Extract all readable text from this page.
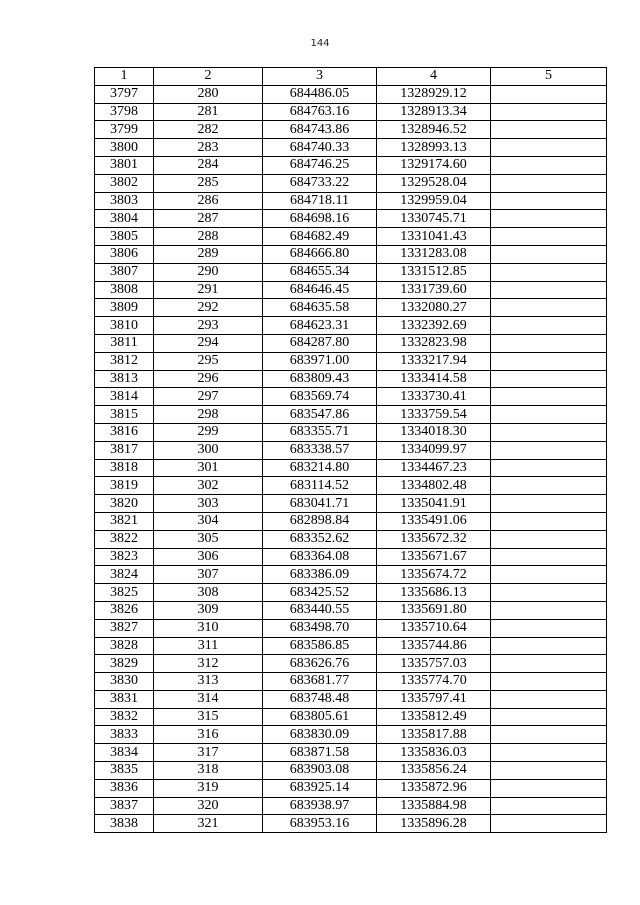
144
1	2	3	4	5
3797	280	684486.05	1328929.12	
3798	281	684763.16	1328913.34	
3799	282	684743.86	1328946.52	
3800	283	684740.33	1328993.13	
3801	284	684746.25	1329174.60	
3802	285	684733.22	1329528.04	
3803	286	684718.11	1329959.04	
3804	287	684698.16	1330745.71	
3805	288	684682.49	1331041.43	
3806	289	684666.80	1331283.08	
3807	290	684655.34	1331512.85	
3808	291	684646.45	1331739.60	
3809	292	684635.58	1332080.27	
3810	293	684623.31	1332392.69	
3811	294	684287.80	1332823.98	
3812	295	683971.00	1333217.94	
3813	296	683809.43	1333414.58	
3814	297	683569.74	1333730.41	
3815	298	683547.86	1333759.54	
3816	299	683355.71	1334018.30	
3817	300	683338.57	1334099.97	
3818	301	683214.80	1334467.23	
3819	302	683114.52	1334802.48	
3820	303	683041.71	1335041.91	
3821	304	682898.84	1335491.06	
3822	305	683352.62	1335672.32	
3823	306	683364.08	1335671.67	
3824	307	683386.09	1335674.72	
3825	308	683425.52	1335686.13	
3826	309	683440.55	1335691.80	
3827	310	683498.70	1335710.64	
3828	311	683586.85	1335744.86	
3829	312	683626.76	1335757.03	
3830	313	683681.77	1335774.70	
3831	314	683748.48	1335797.41	
3832	315	683805.61	1335812.49	
3833	316	683830.09	1335817.88	
3834	317	683871.58	1335836.03	
3835	318	683903.08	1335856.24	
3836	319	683925.14	1335872.96	
3837	320	683938.97	1335884.98	
3838	321	683953.16	1335896.28	
